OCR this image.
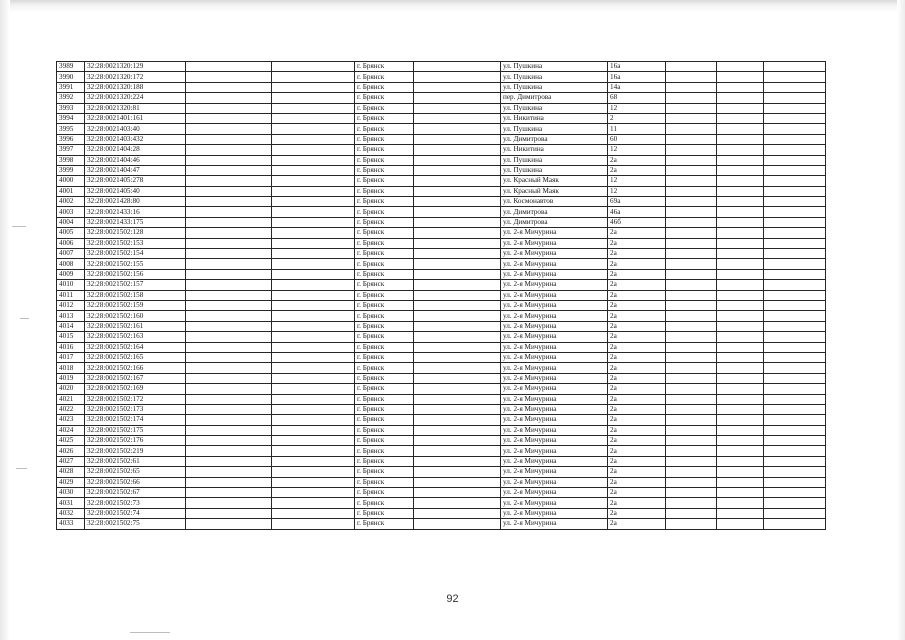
3989	32:28:0021320:129			г. Брянск		ул. Пушкина	16а			
3990	32:28:0021320:172			г. Брянск		ул. Пушкина	16а			
3991	32:28:0021320:188			г. Брянск		ул. Пушкина	14а			
3992	32:28:0021320:224			г. Брянск		пер. Димитрова	68			
3993	32:28:0021320:81			г. Брянск		ул. Пушкина	12			
3994	32:28:0021401:161			г. Брянск		ул. Никитина	2			
3995	32:28:0021403:40			г. Брянск		ул. Пушкина	11			
3996	32:28:0021403:432			г. Брянск		ул. Димитрова	60			
3997	32:28:0021404:28			г. Брянск		ул. Никитина	12			
3998	32:28:0021404:46			г. Брянск		ул. Пушкина	2а			
3999	32:28:0021404:47			г. Брянск		ул. Пушкина	2а			
4000	32:28:0021405:278			г. Брянск		ул. Красный Маяк	12			
4001	32:28:0021405:40			г. Брянск		ул. Красный Маяк	12			
4002	32:28:0021428:80			г. Брянск		ул. Космонавтов	69а			
4003	32:28:0021433:16			г. Брянск		ул. Димитрова	46а			
4004	32:28:0021433:175			г. Брянск		ул. Димитрова	46б			
4005	32:28:0021502:128			г. Брянск		ул. 2-я Мичурина	2а			
4006	32:28:0021502:153			г. Брянск		ул. 2-я Мичурина	2а			
4007	32:28:0021502:154			г. Брянск		ул. 2-я Мичурина	2а			
4008	32:28:0021502:155			г. Брянск		ул. 2-я Мичурина	2а			
4009	32:28:0021502:156			г. Брянск		ул. 2-я Мичурина	2а			
4010	32:28:0021502:157			г. Брянск		ул. 2-я Мичурина	2а			
4011	32:28:0021502:158			г. Брянск		ул. 2-я Мичурина	2а			
4012	32:28:0021502:159			г. Брянск		ул. 2-я Мичурина	2а			
4013	32:28:0021502:160			г. Брянск		ул. 2-я Мичурина	2а			
4014	32:28:0021502:161			г. Брянск		ул. 2-я Мичурина	2а			
4015	32:28:0021502:163			г. Брянск		ул. 2-я Мичурина	2а			
4016	32:28:0021502:164			г. Брянск		ул. 2-я Мичурина	2а			
4017	32:28:0021502:165			г. Брянск		ул. 2-я Мичурина	2а			
4018	32:28:0021502:166			г. Брянск		ул. 2-я Мичурина	2а			
4019	32:28:0021502:167			г. Брянск		ул. 2-я Мичурина	2а			
4020	32:28:0021502:169			г. Брянск		ул. 2-я Мичурина	2а			
4021	32:28:0021502:172			г. Брянск		ул. 2-я Мичурина	2а			
4022	32:28:0021502:173			г. Брянск		ул. 2-я Мичурина	2а			
4023	32:28:0021502:174			г. Брянск		ул. 2-я Мичурина	2а			
4024	32:28:0021502:175			г. Брянск		ул. 2-я Мичурина	2а			
4025	32:28:0021502:176			г. Брянск		ул. 2-я Мичурина	2а			
4026	32:28:0021502:219			г. Брянск		ул. 2-я Мичурина	2а			
4027	32:28:0021502:61			г. Брянск		ул. 2-я Мичурина	2а			
4028	32:28:0021502:65			г. Брянск		ул. 2-я Мичурина	2а			
4029	32:28:0021502:66			г. Брянск		ул. 2-я Мичурина	2а			
4030	32:28:0021502:67			г. Брянск		ул. 2-я Мичурина	2а			
4031	32:28:0021502:73			г. Брянск		ул. 2-я Мичурина	2а			
4032	32:28:0021502:74			г. Брянск		ул. 2-я Мичурина	2а			
4033	32:28:0021502:75			г. Брянск		ул. 2-я Мичурина	2а			
92
